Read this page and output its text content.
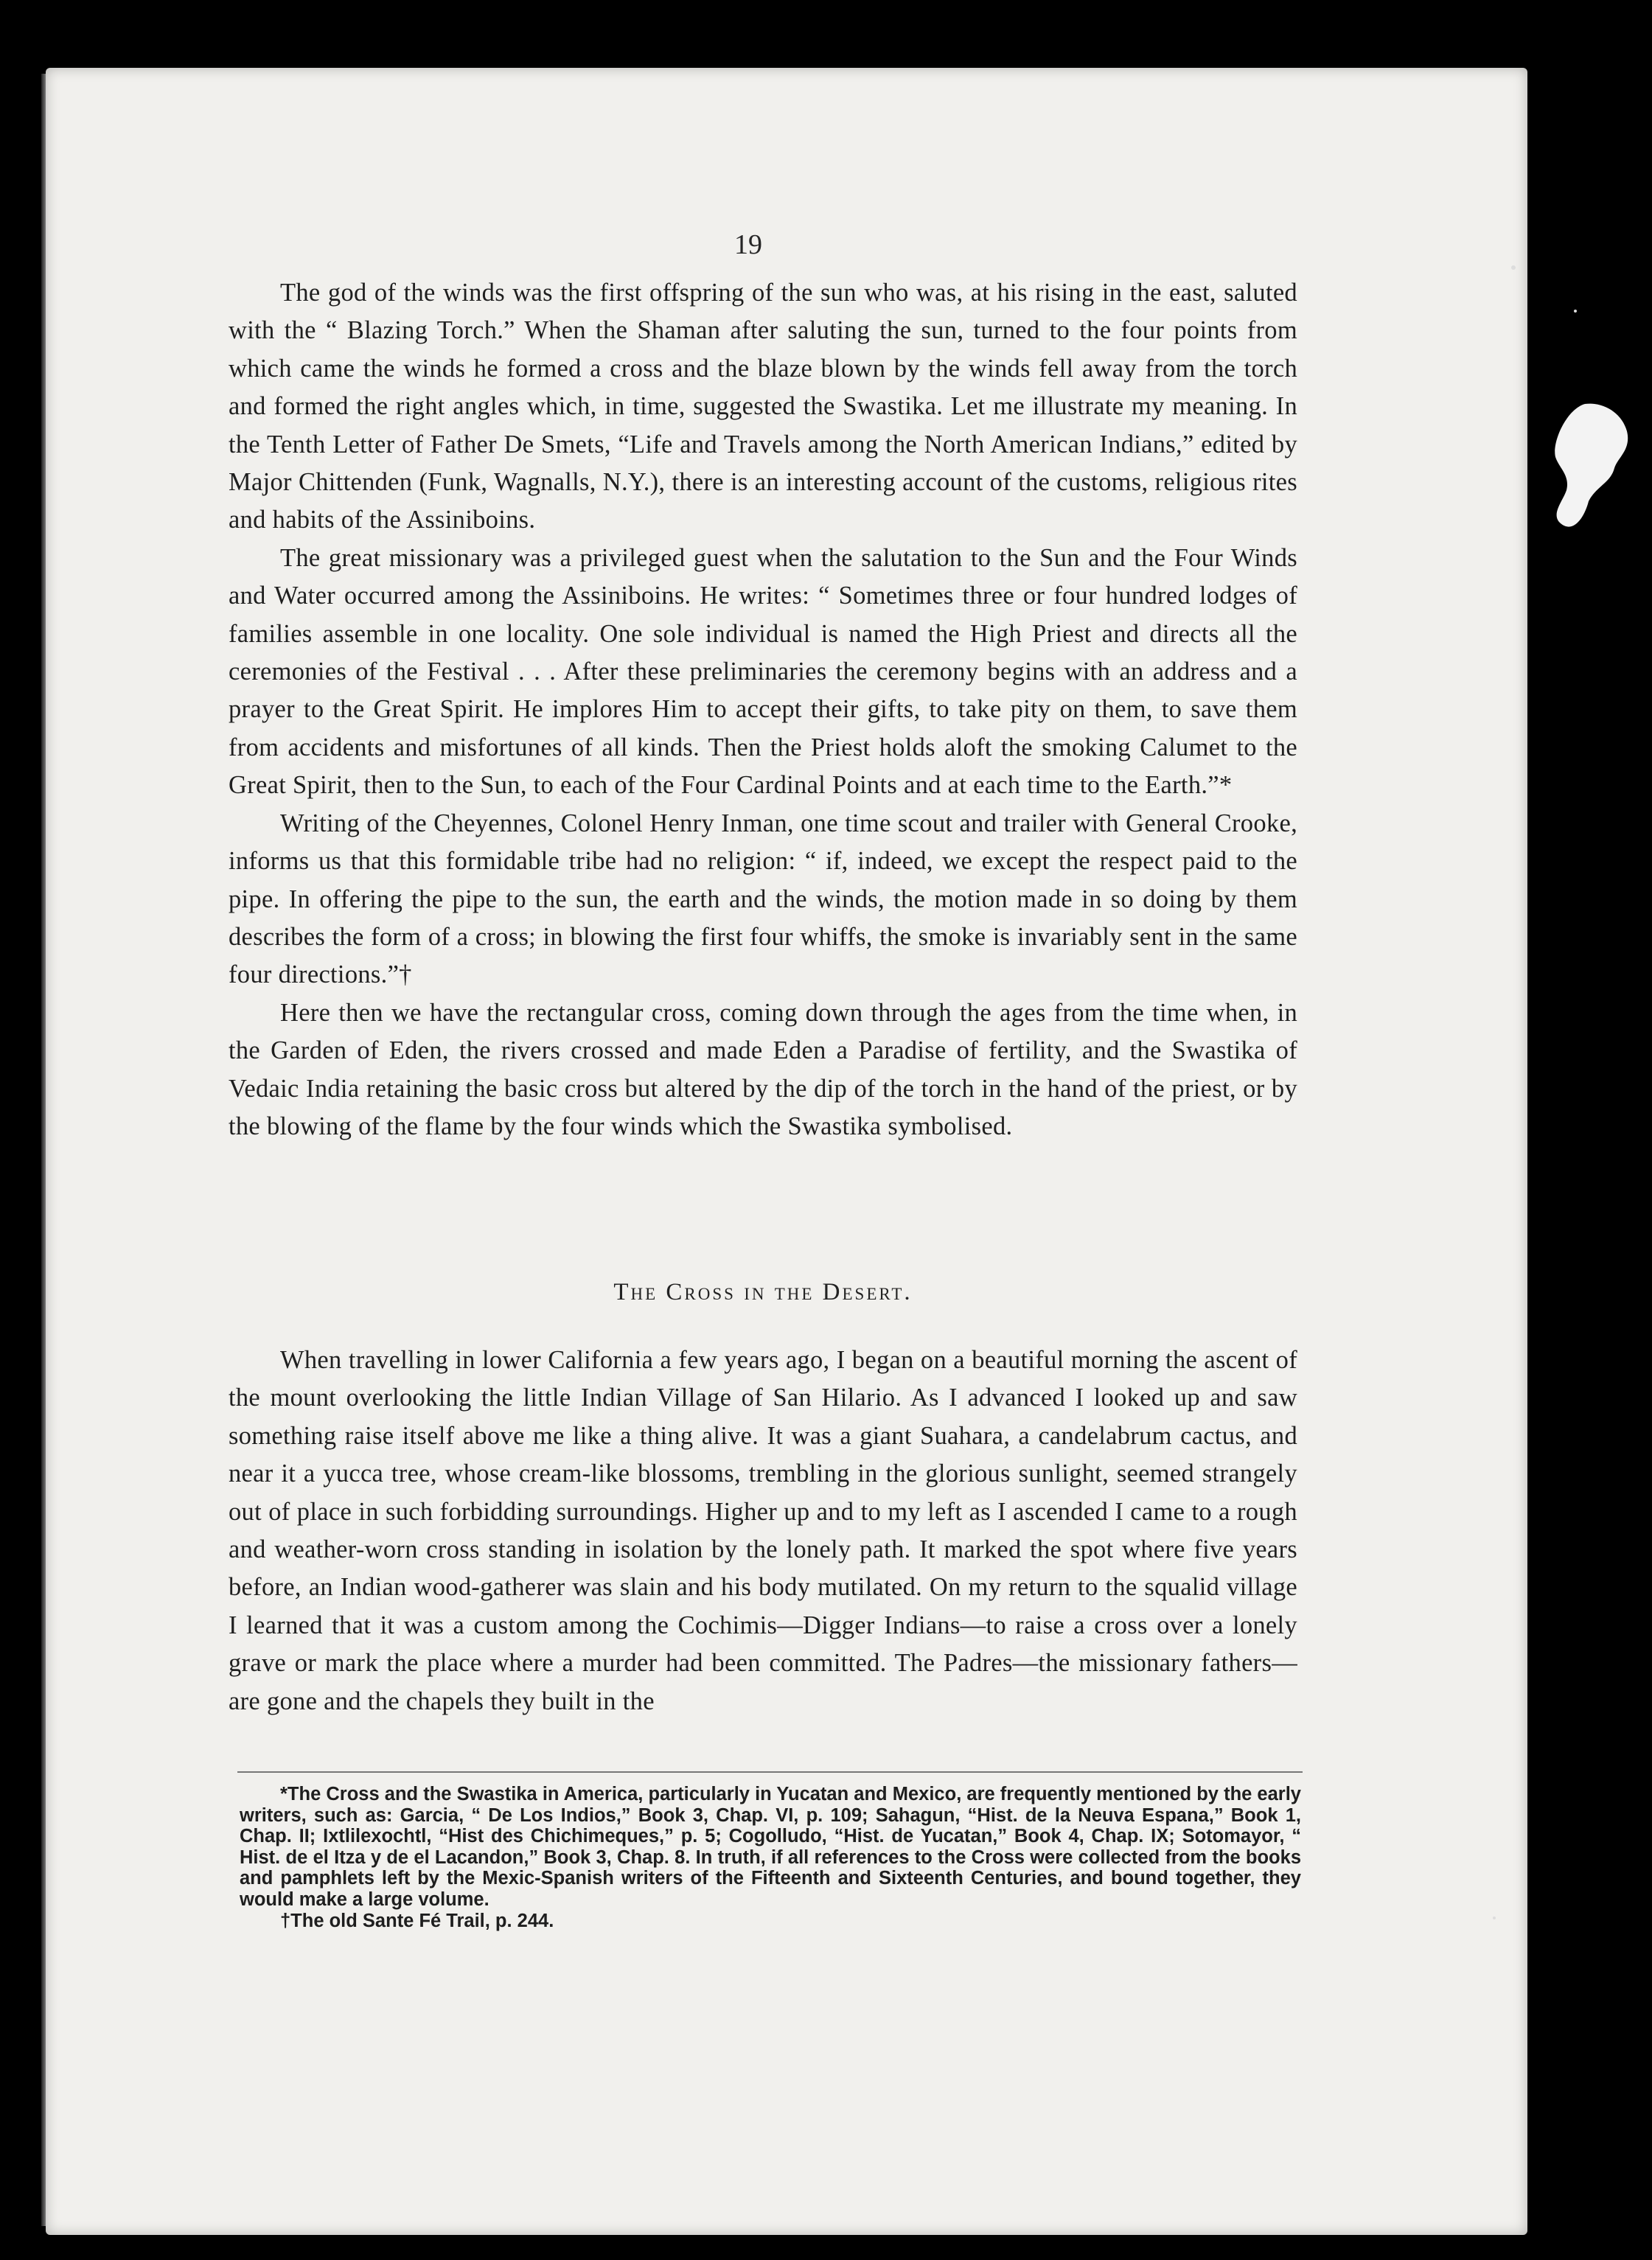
19

The god of the winds was the first offspring of the sun who was, at his rising in the east, saluted with the “ Blazing Torch.” When the Shaman after saluting the sun, turned to the four points from which came the winds he formed a cross and the blaze blown by the winds fell away from the torch and formed the right angles which, in time, suggested the Swastika. Let me illustrate my meaning. In the Tenth Letter of Father De Smets, “Life and Travels among the North American Indians,” edited by Major Chittenden (Funk, Wagnalls, N.Y.), there is an interesting account of the customs, religious rites and habits of the Assiniboins.

The great missionary was a privileged guest when the salutation to the Sun and the Four Winds and Water occurred among the Assiniboins. He writes: “ Sometimes three or four hundred lodges of families assemble in one locality. One sole individual is named the High Priest and directs all the ceremonies of the Festival . . . After these preliminaries the ceremony begins with an address and a prayer to the Great Spirit. He implores Him to accept their gifts, to take pity on them, to save them from accidents and misfortunes of all kinds. Then the Priest holds aloft the smoking Calumet to the Great Spirit, then to the Sun, to each of the Four Cardinal Points and at each time to the Earth.”*

Writing of the Cheyennes, Colonel Henry Inman, one time scout and trailer with General Crooke, informs us that this formidable tribe had no religion: “ if, indeed, we except the respect paid to the pipe. In offering the pipe to the sun, the earth and the winds, the motion made in so doing by them describes the form of a cross; in blowing the first four whiffs, the smoke is invariably sent in the same four directions.”†

Here then we have the rectangular cross, coming down through the ages from the time when, in the Garden of Eden, the rivers crossed and made Eden a Paradise of fertility, and the Swastika of Vedaic India retaining the basic cross but altered by the dip of the torch in the hand of the priest, or by the blowing of the flame by the four winds which the Swastika symbolised.

The Cross in the Desert.

When travelling in lower California a few years ago, I began on a beautiful morning the ascent of the mount overlooking the little Indian Village of San Hilario. As I advanced I looked up and saw something raise itself above me like a thing alive. It was a giant Suahara, a candelabrum cactus, and near it a yucca tree, whose cream-like blossoms, trembling in the glorious sunlight, seemed strangely out of place in such forbidding surroundings. Higher up and to my left as I ascended I came to a rough and weather-worn cross standing in isolation by the lonely path. It marked the spot where five years before, an Indian wood-gatherer was slain and his body mutilated. On my return to the squalid village I learned that it was a custom among the Cochimis—Digger Indians—to raise a cross over a lonely grave or mark the place where a murder had been committed. The Padres—the missionary fathers—are gone and the chapels they built in the

*The Cross and the Swastika in America, particularly in Yucatan and Mexico, are frequently mentioned by the early writers, such as: Garcia, “ De Los Indios,” Book 3, Chap. VI, p. 109; Sahagun, “Hist. de la Neuva Espana,” Book 1, Chap. II; Ixtlilexochtl, “Hist des Chichimeques,” p. 5; Cogolludo, “Hist. de Yucatan,” Book 4, Chap. IX; Sotomayor, “ Hist. de el Itza y de el Lacandon,” Book 3, Chap. 8. In truth, if all references to the Cross were collected from the books and pamphlets left by the Mexic-Spanish writers of the Fifteenth and Sixteenth Centuries, and bound together, they would make a large volume.

†The old Sante Fé Trail, p. 244.
